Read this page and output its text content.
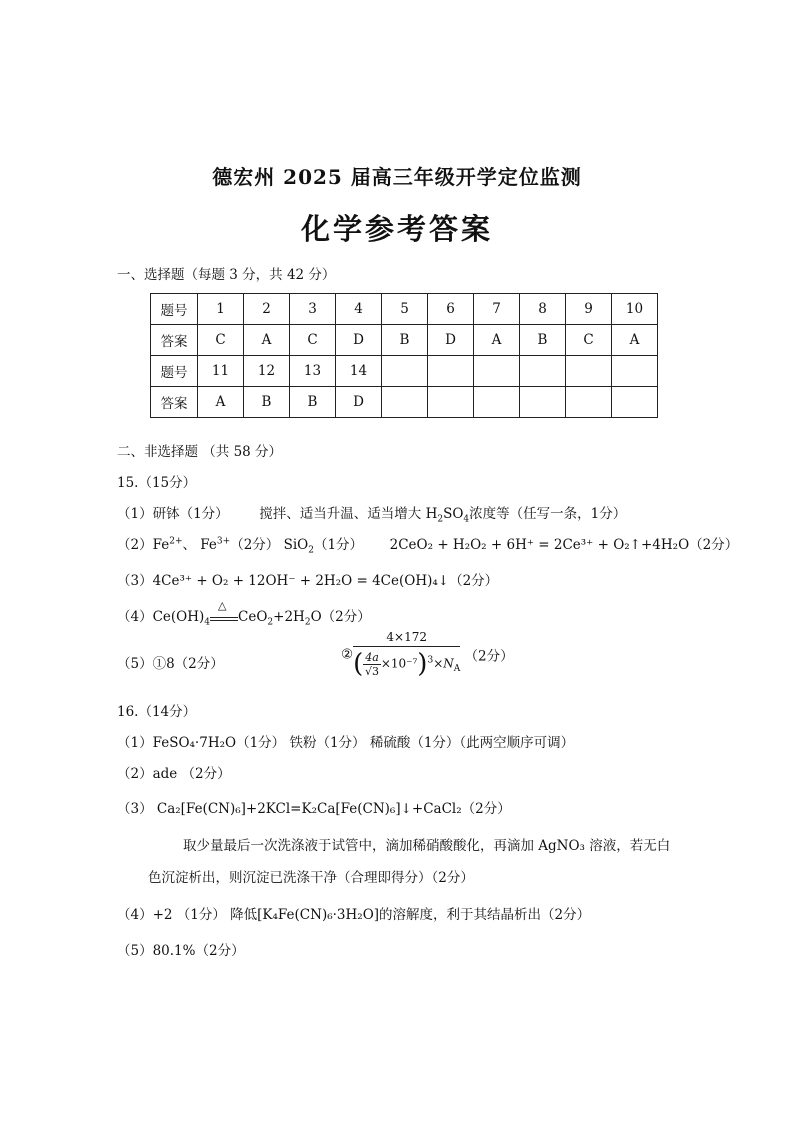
德宏州 2025 届高三年级开学定位监测
化学参考答案
一、选择题（每题 3 分，共 42 分）
题号	1	2	3	4	5	6	7	8	9	10
答案	C	A	C	D	B	D	A	B	C	A
题号	11	12	13	14						
答案	A	B	B	D						
二、非选择题 （共 58 分）
15.（15分）
（1）研钵（1分） 搅拌、适当升温、适当增大 $H_2SO_4$浓度等（任写一条，1分）
$(2)Fe^{2+}$、 $Fe^{3+}(2$分） SiO$_2$（1分） 2CeO₂ + H₂O₂ + 6H⁺ = 2Ce³⁺ + O₂↑+4H₂O（2分）
（3）4Ce³⁺ + O₂ + 12OH⁻ + 2H₂O = 4Ce(OH)₄↓（2分）
$(4)Ce(OH)_4$
△
$CeO_2+2H_2O(2$分）
（5）①8（2分）
② $\frac{4\times 172}{( \frac{4a}{√3} \times 10^{-7})^3\times N_A} (2$分）
16.（14分）
（1）FeSO₄·7H₂O（1分） 铁粉（1分） 稀硫酸（1分）（此两空顺序可调）
（2）ade （2分）
（3） Ca₂[Fe(CN)₆]+2KCl=K₂Ca[Fe(CN)₆]↓+CaCl₂（2分）
取少量最后一次洗涤液于试管中，滴加稀硝酸酸化，再滴加 AgNO₃ 溶液，若无白
色沉淀析出，则沉淀已洗涤干净（合理即得分）（2分）
（4）+2 （1分） 降低[K₄Fe(CN)₆·3H₂O]的溶解度，利于其结晶析出（2分）
（5）80.1%（2分）
